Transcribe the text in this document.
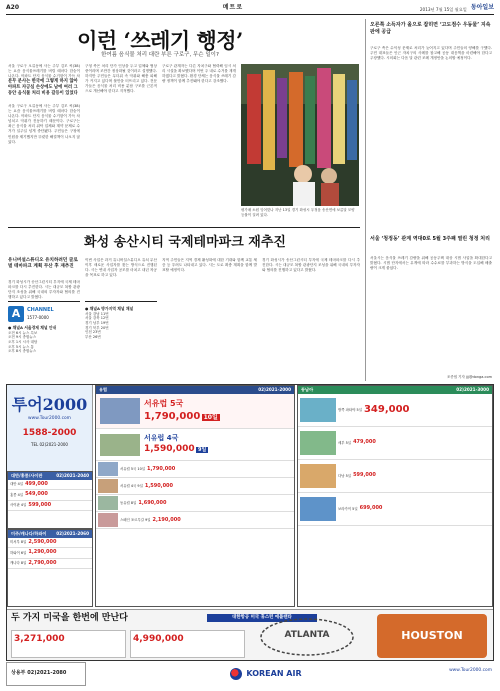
A20	메트로	2013년 7월 15일 월요일 동아일보
이런 ‘쓰레기 행정’
한여름 음식물 처리 대란 부른 구로구, 무슨 일이?
분무 분사는 한국에 그렇게 하지 않아 아파트 자긍심 손상에도 남에 여러 그동안 음식물 처리 비용 갈등이 있었다
서울 구로구 오류동에 사는 주부 김모 씨(38)는 요즘 음식물쓰레기를 버릴 때마다 한숨이 나온다. 아파트 단지 음식물 수거함이 가득 차
서울 구로구 오류동에 사는 주부 김모 씨(38)는 요즘 음식물쓰레기를 버릴 때마다 한숨이 나온다. 아파트 단지 음식물 수거함이 가득 차 넘치고 악취가 진동하기 때문이다. 구로구는 최근 음식물 처리 위탁 업체와 계약 문제로 수거가 일주일 넘게 중단됐다. 주민들은 구청에 민원을 제기했지만 뚜렷한 해결책이 나오지 않았다.
구청 측은 처리 단가 인상을 두고 업체와 협상 중이라며 조만간 정상화될 것이라고 설명했다. 하지만 주민들은 무더위 속 악취와 해충 피해가 커지고 있다며 불만을 터뜨리고 있다. 전문가들은 음식물 처리 비용 분담 구조를 근본적으로 개선해야 한다고 지적했다.
구로구 관계자는 다른 자치구와 협력해 임시 처리 시설을 확보했다며 이번 주 내로 수거를 재개하겠다고 밝혔다. 환경 단체는 음식물 쓰레기 감량 정책이 함께 추진돼야 한다고 강조했다.
평가매 소원 잉어맞나 지난 13일 경기 화성시 우정읍 송산면에 보름달 모양 등불이 걸려 있다.
화성 송산시티 국제테마파크 재추진
유니버설스튜디오 유치하려던 글로벌 테마파크 계획 무산 후 재추진
경기 화성시가 송산그린시티 부지에 국제 테마파크를 다시 추진한다. 시는 대규모 복합 관광단지 조성을 위해 국내외 투자자와 협의를 진행하고 있다고 밝혔다.
이번 사업은 과거 유니버설스튜디오 유치 무산 이후 새로운 사업자를 찾는 방식으로 진행된다. 시는 연내 사업자 공모를 마치고 내년 착공을 목표로 하고 있다.
지역 주민들은 지역 경제 활성화에 대한 기대와 함께 교통 체증 등 우려도 나타내고 있다. 시는 도로 확충 계획을 함께 발표할 예정이다.
경기 화성시가 송산그린시티 부지에 국제 테마파크를 다시 추진한다. 시는 대규모 복합 관광단지 조성을 위해 국내외 투자자와 협의를 진행하고 있다고 밝혔다.
오른쪽 소득자가 올으로 잡히면 ‘고도점수 우동물’ 지속 판에 공급
구로구 측은 수익성 문제로 처리가 늦어지고 있다며 주민들의 양해를 구했다. 주민 대표들은 인근 자치구의 사례를 참고해 공동 대응책을 마련해야 한다고 주장했다. 시의회는 다음 달 관련 조례 개정안을 논의할 예정이다.
서울 ‘청정동’ 관계 역대0로 5월 3주째 열린 청정 처리
서울시는 음식물 쓰레기 감량을 위해 공동주택 대상 시범 사업을 확대한다고 밝혔다. 시범 단지에서는 무게에 따라 수수료를 부과하는 방식을 도입해 배출량이 크게 줄었다.
조종엽 기자 jjj@donga.com
A	CHANNEL
1577-0000
● 채널A 서울경제 채널 안내
오전 6시 뉴스 특보
오전 9시 종합뉴스
오후 1시 시사 대담
오후 5시 뉴스 통
오후 8시 종합뉴스
● 채널A 방가지역 채널 채널
서울 강남 11번
서울 강북 12번
경기 남부 19번
경기 북부 20번
인천 23번
부산 26번
투어2000
www.Tour2000.com
1588-2000
TEL 02)2021-2000
대만/홍콩/사이판	02)2021-2040
대만 4일 499,000
홍콩 4일 549,000
사이판 4일 599,000
미주/캐나다/하와이 02)2021-2060
미서부 8일 2,590,000
하와이 6일 1,290,000
캐나다 8일 2,790,000
유럽	02)2021-2000
서유럽 5국
1,790,000 10일
서유럽 4국
1,590,000 9일
서유럽 5국 10일 1,790,000
서유럽 4국 9일 1,590,000
동유럽 8일 1,690,000
스페인 포르투갈 9일 2,190,000
동남아	02)2021-3000
방콕 파타야 5일 349,000
세부 5일 479,000
다낭 5일 599,000
보라카이 5일 699,000
두 가지 미국을 한번에 만난다	대한항공 미국 휴스턴 애틀랜타
3,271,000	4,990,000	ATLANTA	HOUSTON
상용부 02)2021-2080	KOREAN AIR	www.Tour2000.com
